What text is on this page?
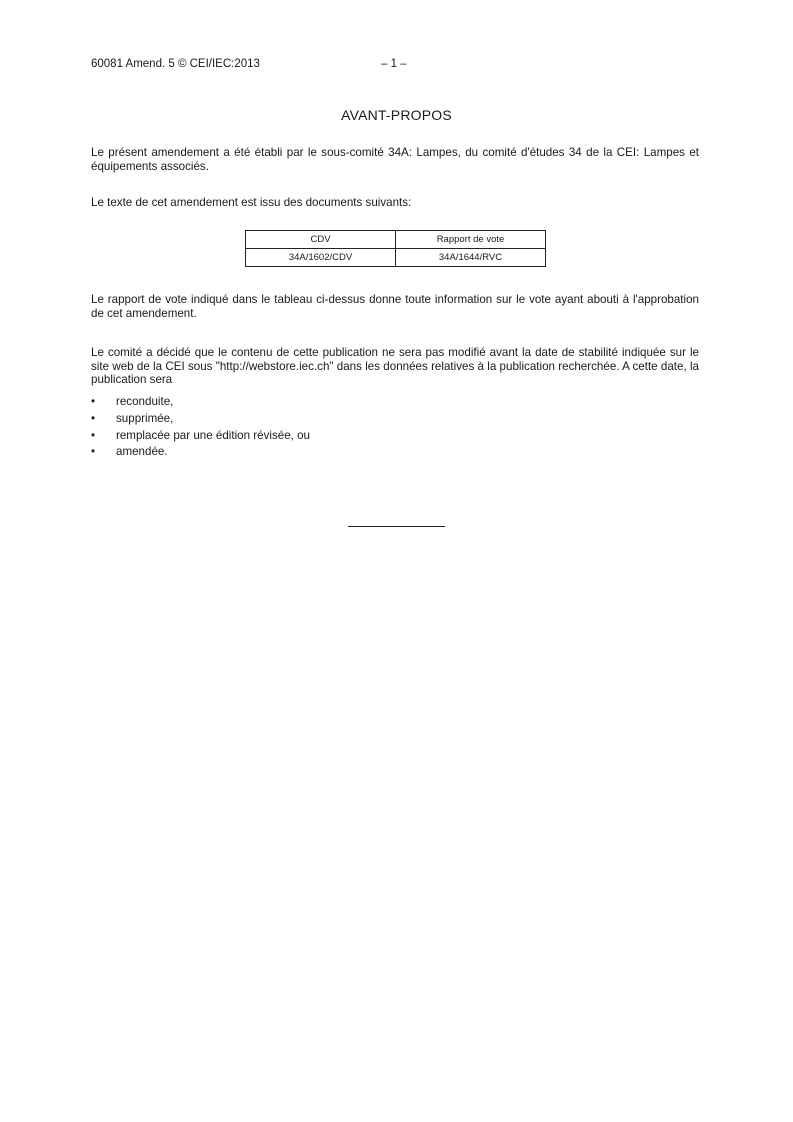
60081 Amend. 5 © CEI/IEC:2013	– 1 –
AVANT-PROPOS

Le présent amendement a été établi par le sous-comité 34A: Lampes, du comité d'études 34 de la CEI: Lampes et équipements associés.

Le texte de cet amendement est issu des documents suivants:

CDV	Rapport de vote
34A/1602/CDV	34A/1644/RVC

Le rapport de vote indiqué dans le tableau ci-dessus donne toute information sur le vote ayant abouti à l'approbation de cet amendement.

Le comité a décidé que le contenu de cette publication ne sera pas modifié avant la date de stabilité indiquée sur le site web de la CEI sous "http://webstore.iec.ch" dans les données relatives à la publication recherchée. A cette date, la publication sera

• reconduite,
• supprimée,
• remplacée par une édition révisée, ou
• amendée.
